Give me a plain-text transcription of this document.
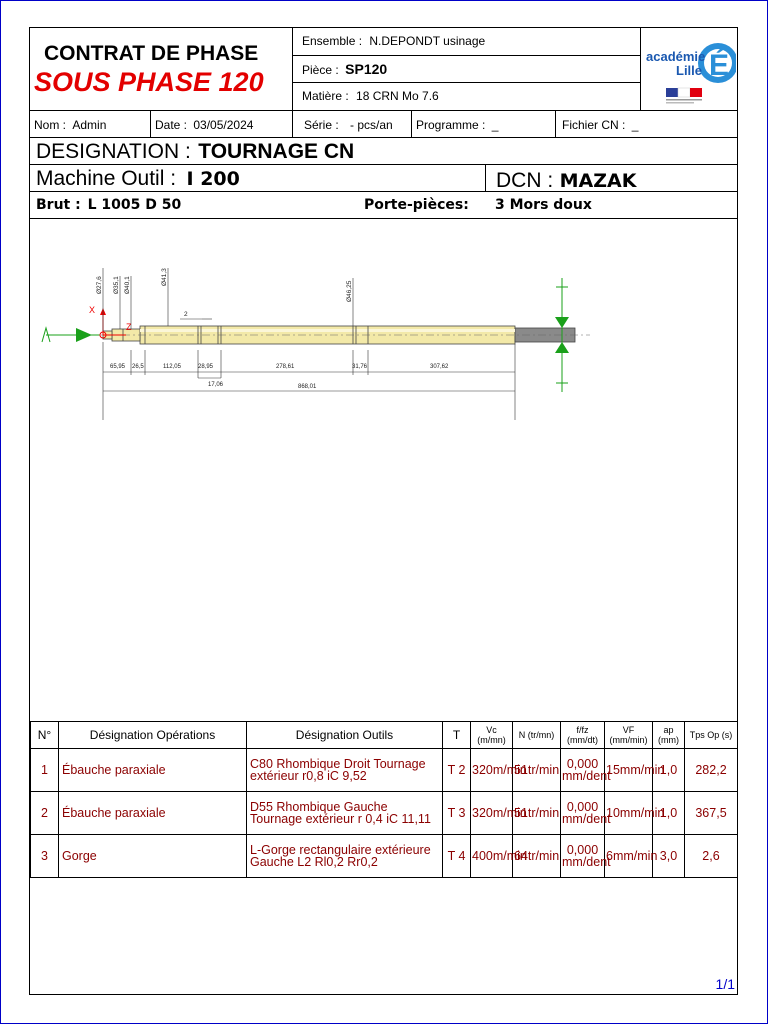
CONTRAT DE PHASE
SOUS PHASE 120
Ensemble : N.DEPONDT usinage
Pièce : SP120
Matière : 18 CRN Mo 7.6
É
académie
Lille
Nom : Admin	Date : 03/05/2024	Série : - pcs/an Programme : _	Fichier CN : _
DESIGNATION : TOURNAGE CN
Machine Outil : I 200	DCN : MAZAK
Brut : L 1005 D 50	Porte-pièces: 3 Mors doux
X
Z
Ø27,6 Ø35,1 Ø40,1	Ø41,3
Ø46,25
2
65,95 26,5	112,05	28,95	278,61	31,76	307,62
17,06	868,01
N°	Désignation Opérations	Désignation Outils	T	Vc (m/mn)	N (tr/mn)	f/fz (mm/dt)	VF (mm/min)	ap (mm)	Tps Op (s)
1	Ébauche paraxiale	C80 Rhombique Droit Tournage extérieur r0,8 iC 9,52	T 2	320m/min	51tr/min	0,000 mm/dent	15mm/min	1,0	282,2
2	Ébauche paraxiale	D55 Rhombique Gauche Tournage extérieur r 0,4 iC 11,11	T 3	320m/min	51tr/min	0,000 mm/dent	10mm/min	1,0	367,5
3	Gorge	L-Gorge rectangulaire extérieure Gauche L2 Rl0,2 Rr0,2	T 4	400m/min	64tr/min	0,000 mm/dent	6mm/min	3,0	2,6
1/1
